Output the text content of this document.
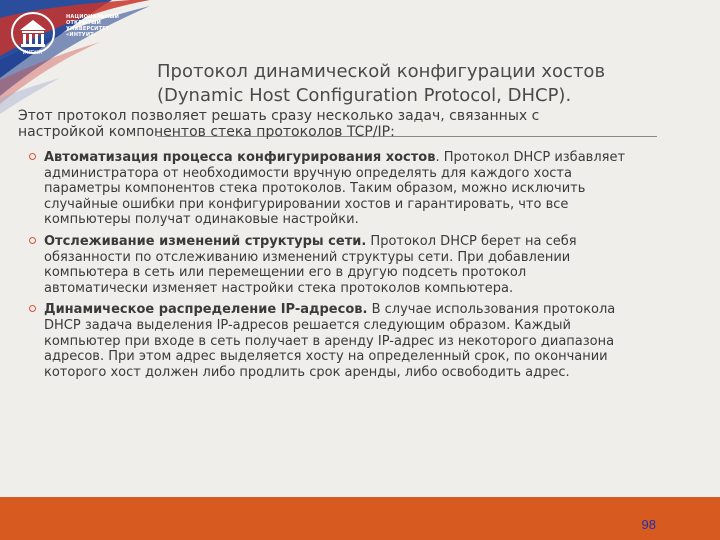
ИНТУИТ
НАЦИОНАЛЬНЫЙ
ОТКРЫТЫЙ УНИВЕРСИТЕТ
«ИНТУИТ»
Протокол динамической конфигурации хостов
(Dynamic Host Configuration Protocol, DHCP).
Этот протокол позволяет решать сразу несколько задач, связанных с
настройкой компонентов стека протоколов TCP/IP:
Автоматизация процесса конфигурирования хостов. Протокол DHCP избавляет
администратора от необходимости вручную определять для каждого хоста
параметры компонентов стека протоколов. Таким образом, можно исключить
случайные ошибки при конфигурировании хостов и гарантировать, что все
компьютеры получат одинаковые настройки.
Отслеживание изменений структуры сети. Протокол DHCP берет на себя
обязанности по отслеживанию изменений структуры сети. При добавлении
компьютера в сеть или перемещении его в другую подсеть протокол
автоматически изменяет настройки стека протоколов компьютера.
Динамическое распределение IP-адресов. В случае использования протокола
DHCP задача выделения IP-адресов решается следующим образом. Каждый
компьютер при входе в сеть получает в аренду IP-адрес из некоторого диапазона
адресов. При этом адрес выделяется хосту на определенный срок, по окончании
которого хост должен либо продлить срок аренды, либо освободить адрес.
98
